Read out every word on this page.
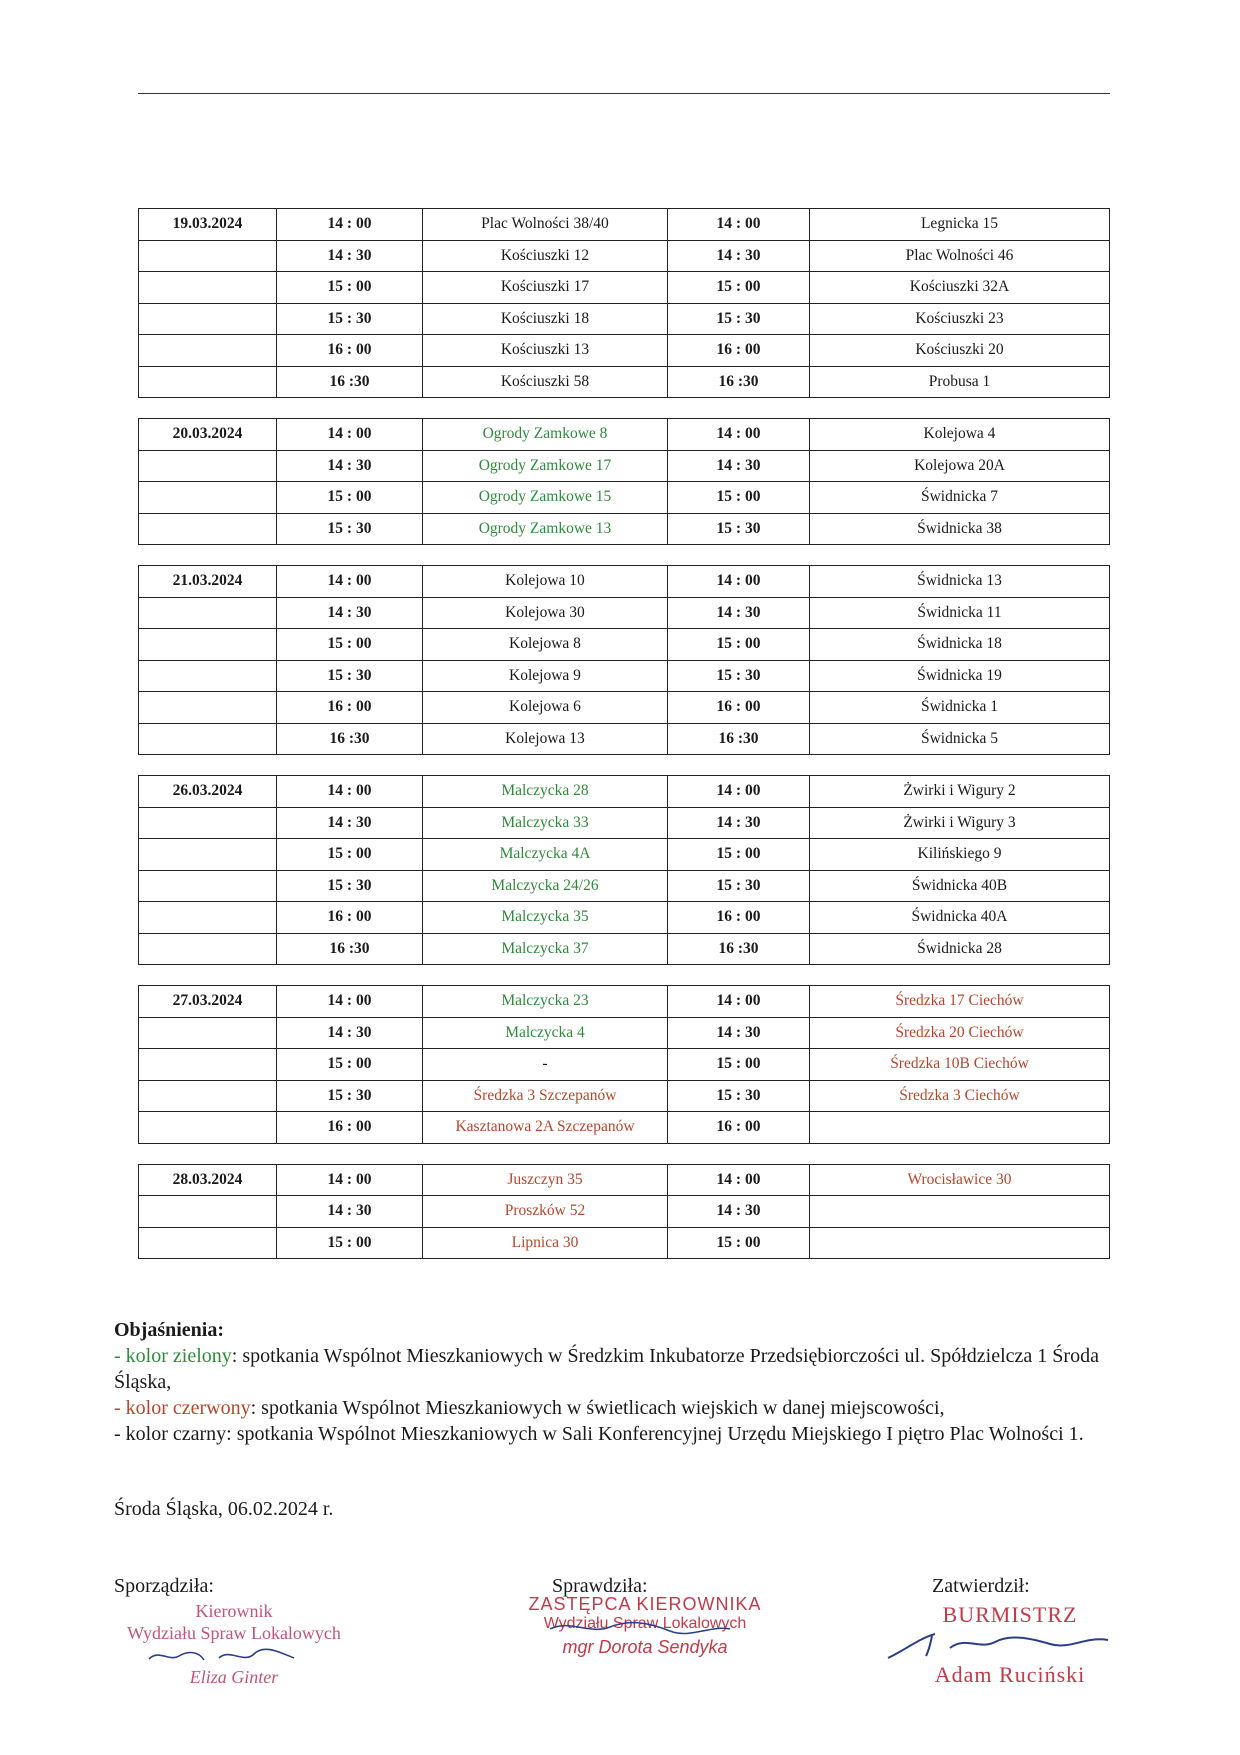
19.03.2024	14 : 00	Plac Wolności 38/40	14 : 00	Legnicka 15
	14 : 30	Kościuszki 12	14 : 30	Plac Wolności 46
	15 : 00	Kościuszki 17	15 : 00	Kościuszki 32A
	15 : 30	Kościuszki 18	15 : 30	Kościuszki 23
	16 : 00	Kościuszki 13	16 : 00	Kościuszki 20
	16 :30	Kościuszki 58	16 :30	Probusa 1
20.03.2024	14 : 00	Ogrody Zamkowe 8	14 : 00	Kolejowa 4
	14 : 30	Ogrody Zamkowe 17	14 : 30	Kolejowa 20A
	15 : 00	Ogrody Zamkowe 15	15 : 00	Świdnicka 7
	15 : 30	Ogrody Zamkowe 13	15 : 30	Świdnicka 38
21.03.2024	14 : 00	Kolejowa 10	14 : 00	Świdnicka 13
	14 : 30	Kolejowa 30	14 : 30	Świdnicka 11
	15 : 00	Kolejowa 8	15 : 00	Świdnicka 18
	15 : 30	Kolejowa 9	15 : 30	Świdnicka 19
	16 : 00	Kolejowa 6	16 : 00	Świdnicka 1
	16 :30	Kolejowa 13	16 :30	Świdnicka 5
26.03.2024	14 : 00	Malczycka 28	14 : 00	Żwirki i Wigury 2
	14 : 30	Malczycka 33	14 : 30	Żwirki i Wigury 3
	15 : 00	Malczycka 4A	15 : 00	Kilińskiego 9
	15 : 30	Malczycka 24/26	15 : 30	Świdnicka 40B
	16 : 00	Malczycka 35	16 : 00	Świdnicka 40A
	16 :30	Malczycka 37	16 :30	Świdnicka 28
27.03.2024	14 : 00	Malczycka 23	14 : 00	Średzka 17 Ciechów
	14 : 30	Malczycka 4	14 : 30	Średzka 20 Ciechów
	15 : 00	-	15 : 00	Średzka 10B Ciechów
	15 : 30	Średzka 3 Szczepanów	15 : 30	Średzka 3 Ciechów
	16 : 00	Kasztanowa 2A Szczepanów	16 : 00	
28.03.2024	14 : 00	Juszczyn 35	14 : 00	Wrocisławice 30
	14 : 30	Proszków 52	14 : 30	
	15 : 00	Lipnica 30	15 : 00	
Objaśnienia:
- kolor zielony: spotkania Wspólnot Mieszkaniowych w Średzkim Inkubatorze Przedsiębiorczości ul. Spółdzielcza 1 Środa Śląska,
- kolor czerwony: spotkania Wspólnot Mieszkaniowych w świetlicach wiejskich w danej miejscowości,
- kolor czarny: spotkania Wspólnot Mieszkaniowych w Sali Konferencyjnej Urzędu Miejskiego I piętro Plac Wolności 1.
Środa Śląska, 06.02.2024 r.
Sporządziła:
Kierownik
Wydziału Spraw Lokalowych
Eliza Ginter
Sprawdziła:
ZASTĘPCA KIEROWNIKA
Wydziału Spraw Lokalowych
mgr Dorota Sendyka
Zatwierdził:
BURMISTRZ
Adam Ruciński
